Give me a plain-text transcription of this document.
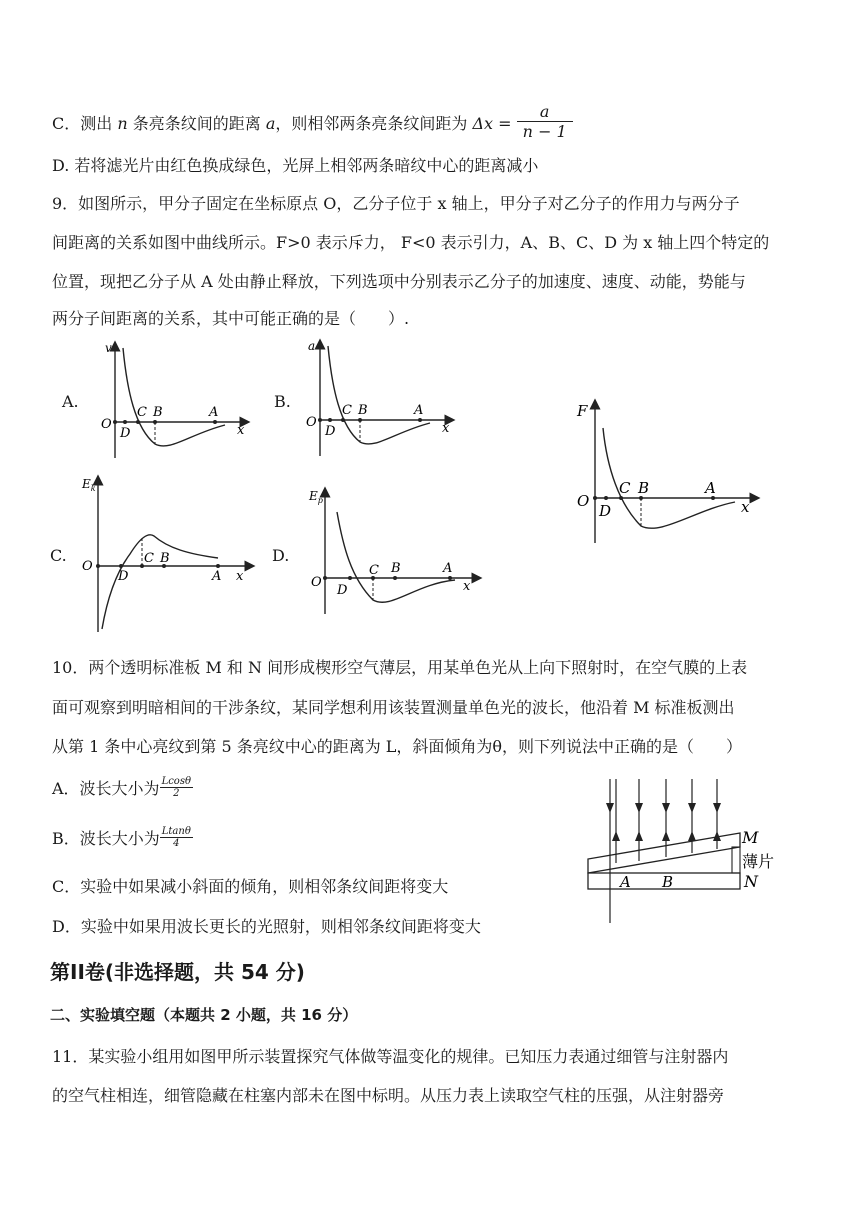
C．测出 n 条亮条纹间的距离 a，则相邻两条亮条纹间距为 $\Delta x = \frac{a}{n - 1}$
D. 若将滤光片由红色换成绿色，光屏上相邻两条暗纹中心的距离减小
9．如图所示，甲分子固定在坐标原点 O，乙分子位于 x 轴上，甲分子对乙分子的作用力与两分子
间距离的关系如图中曲线所示。F>0 表示斥力， F<0 表示引力，A、B、C、D 为 x 轴上四个特定的
位置，现把乙分子从 A 处由静止释放，下列选项中分别表示乙分子的加速度、速度、动能，势能与
两分子间距离的关系，其中可能正确的是（　　）.
A.	B.
C.	D.
v
O
D
C B	A
x
a
O
D
C B	A
x
F
O
D
C B	A
x
$E_k$
O
D
C B
A x
$E_p$
O
D
C B	A
x
10．两个透明标准板 M 和 N 间形成楔形空气薄层，用某单色光从上向下照射时，在空气膜的上表
面可观察到明暗相间的干涉条纹，某同学想利用该装置测量单色光的波长，他沿着 M 标准板测出
从第 1 条中心亮纹到第 5 条亮纹中心的距离为 L，斜面倾角为θ，则下列说法中正确的是（　　）
A．波长大小为 $\frac{Lcos\theta}{2}$
B．波长大小为 $\frac{Ltan\theta}{4}$
C．实验中如果减小斜面的倾角，则相邻条纹间距将变大
D．实验中如果用波长更长的光照射，则相邻条纹间距将变大
M
N
薄片
A B
第II卷(非选择题，共 54 分)
二、实验填空题（本题共 2 小题，共 16 分）
11．某实验小组用如图甲所示装置探究气体做等温变化的规律。已知压力表通过细管与注射器内
的空气柱相连，细管隐藏在柱塞内部未在图中标明。从压力表上读取空气柱的压强，从注射器旁
